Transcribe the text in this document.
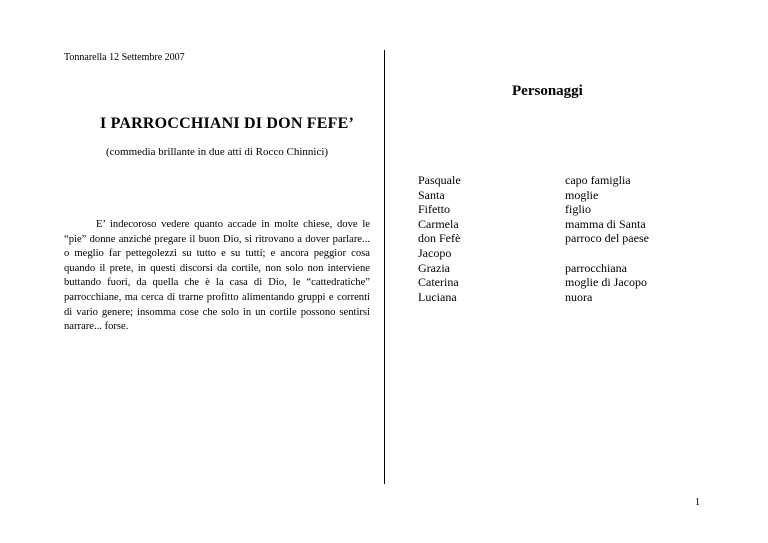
Tonnarella 12 Settembre 2007
I PARROCCHIANI DI DON FEFE’
(commedia brillante in due atti di Rocco Chinnici)

E’ indecoroso vedere quanto accade in molte chiese, dove le “pie” donne anziché pregare il buon Dio, si ritrovano a dover parlare... o meglio far pettegolezzi su tutto e su tutti; e ancora peggior cosa quando il prete, in questi discorsi da cortile, non solo non interviene buttando fuori, da quella che è la casa di Dio, le “cattedratiche” parrocchiane, ma cerca di trarne profitto alimentando gruppi e correnti di vario genere; insomma cose che solo in un cortile possono sentirsi narrare... forse.

Personaggi
Pasquale
Santa
Fifetto
Carmela
don Fefè
Jacopo
Grazia
Caterina
Luciana
capo famiglia
moglie
figlio
mamma di Santa
parroco del paese
parrocchiana
moglie di Jacopo
nuora
1
